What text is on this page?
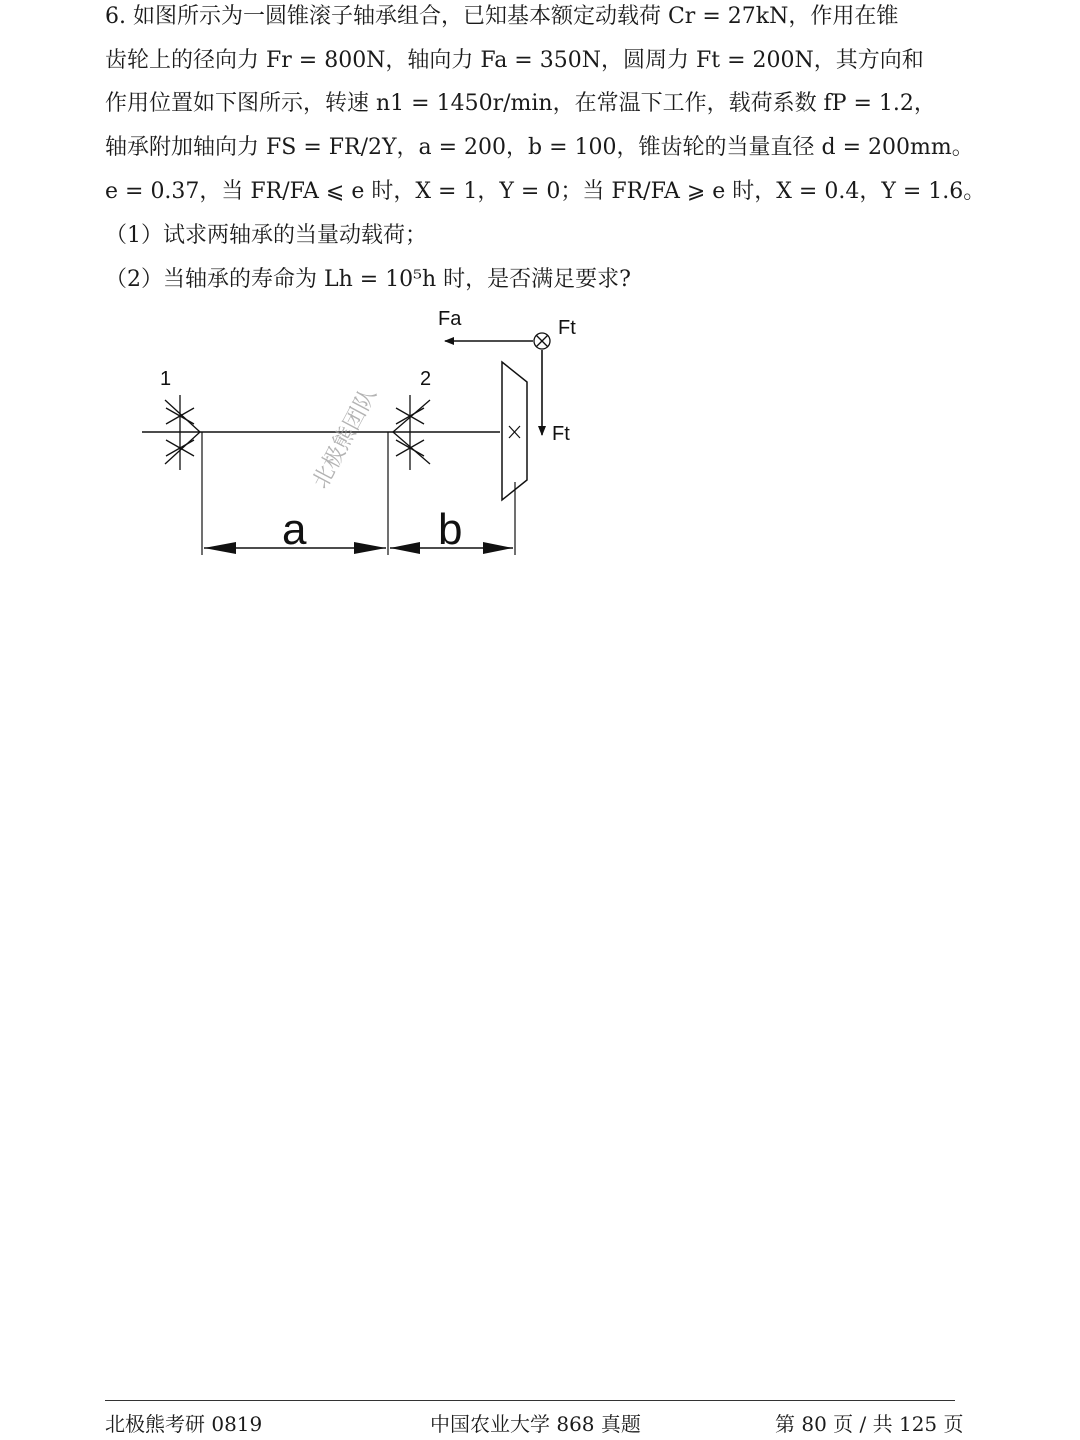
6. 如图所示为一圆锥滚子轴承组合，已知基本额定动载荷 Cr = 27kN，作用在锥
齿轮上的径向力 Fr = 800N，轴向力 Fa = 350N，圆周力 Ft = 200N，其方向和
作用位置如下图所示，转速 n1 = 1450r/min，在常温下工作，载荷系数 fP = 1.2，
轴承附加轴向力 FS = FR/2Y，a = 200，b = 100，锥齿轮的当量直径 d = 200mm。
e = 0.37，当 FR/FA ⩽ e 时，X = 1，Y = 0；当 FR/FA ⩾ e 时，X = 0.4，Y = 1.6。
（1）试求两轴承的当量动载荷；
（2）当轴承的寿命为 Lh = 10⁵h 时，是否满足要求?
1	2
Fa	Ft
Ft
a	b
北极熊团队
北极熊考研 0819	中国农业大学 868 真题	第 80 页 / 共 125 页
